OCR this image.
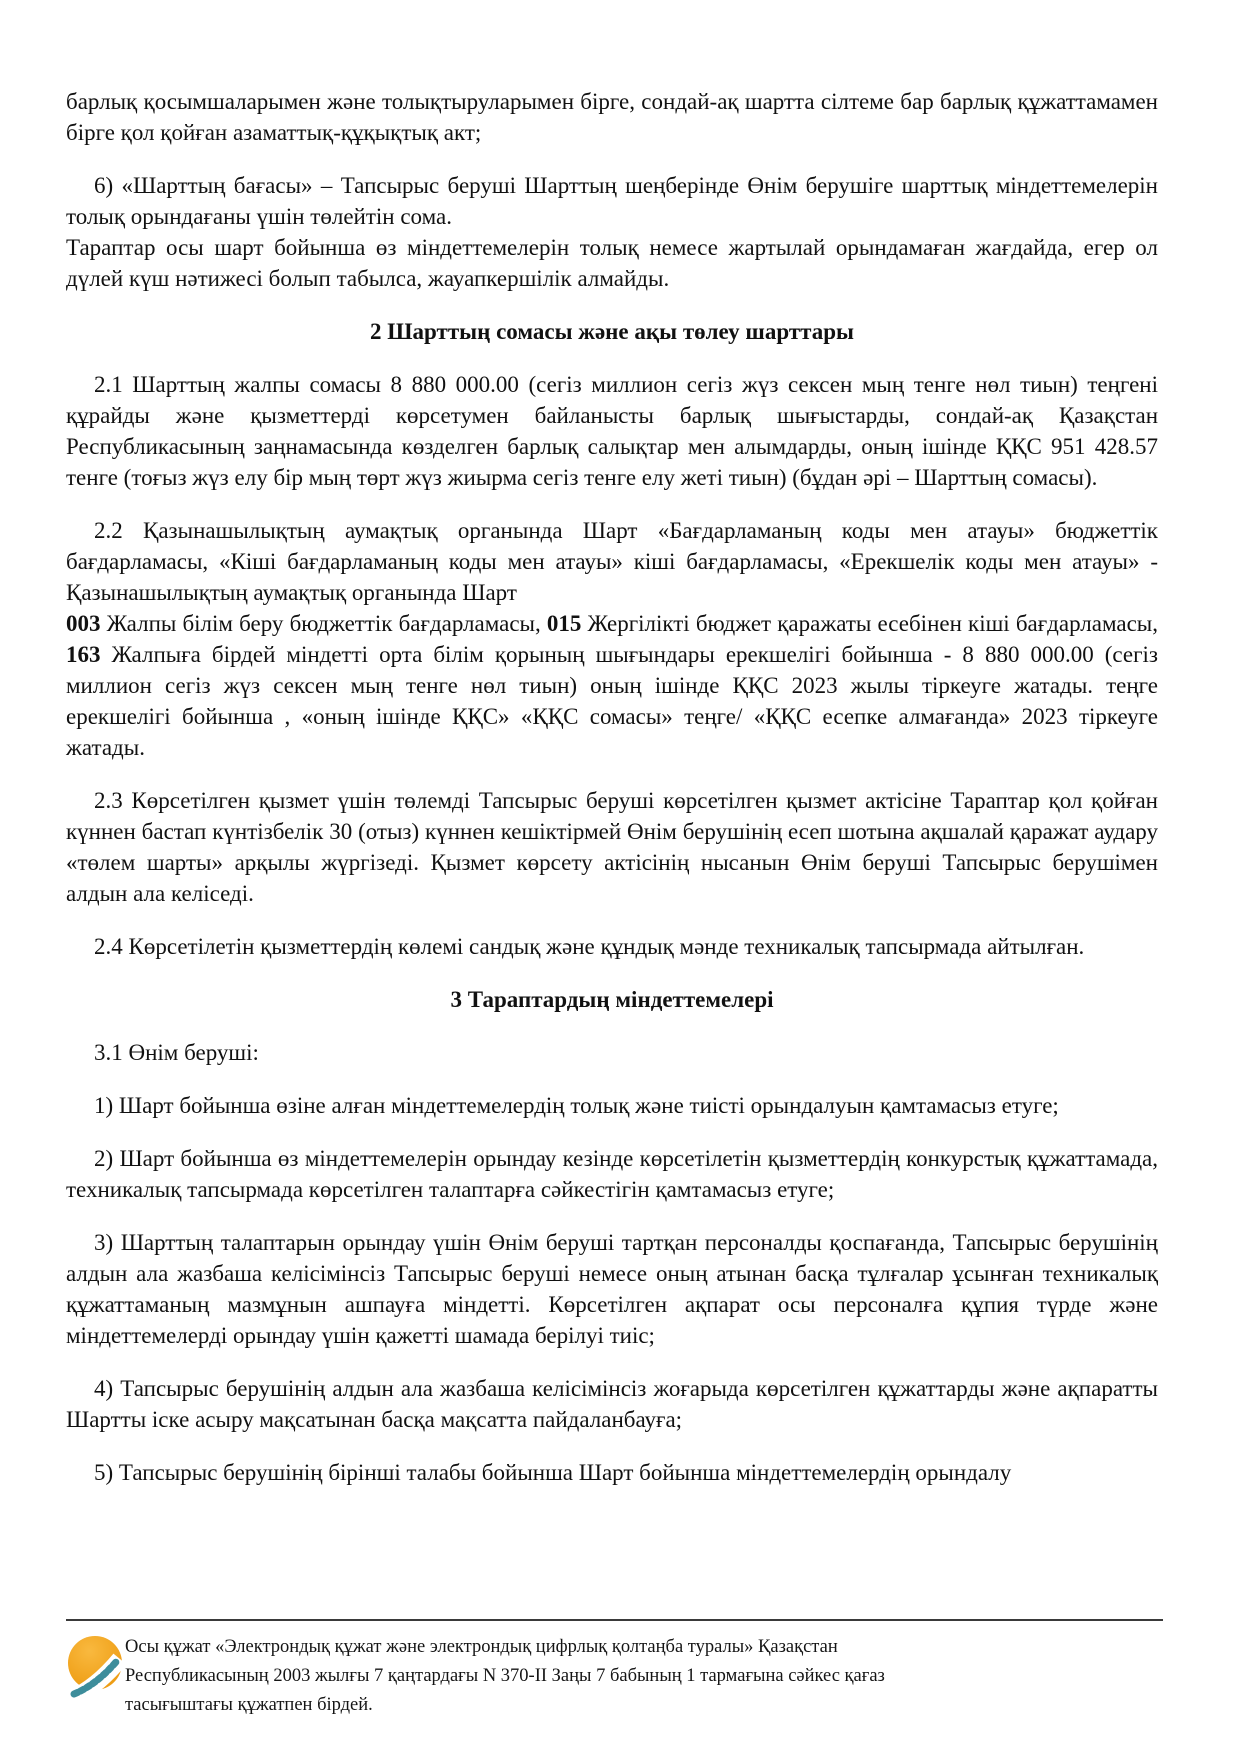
барлық қосымшаларымен және толықтыруларымен бірге, сондай-ақ шартта сілтеме бар барлық құжаттамамен бірге қол қойған азаматтық-құқықтық акт;

6) «Шарттың бағасы» – Тапсырыс беруші Шарттың шеңберінде Өнім берушіге шарттық міндеттемелерін толық орындағаны үшін төлейтін сома.

Тараптар осы шарт бойынша өз міндеттемелерін толық немесе жартылай орындамаған жағдайда, егер ол дүлей күш нәтижесі болып табылса, жауапкершілік алмайды.

2 Шарттың сомасы және ақы төлеу шарттары

2.1 Шарттың жалпы сомасы 8 880 000.00 (сегіз миллион сегіз жүз сексен мың тенге нөл тиын) теңгені құрайды және қызметтерді көрсетумен байланысты барлық шығыстарды, сондай-ақ Қазақстан Республикасының заңнамасында көзделген барлық салықтар мен алымдарды, оның ішінде ҚҚС 951 428.57 тенге (тоғыз жүз елу бір мың төрт жүз жиырма сегіз тенге елу жеті тиын) (бұдан әрі – Шарттың сомасы).

2.2 Қазынашылықтың аумақтық органында Шарт «Бағдарламаның коды мен атауы» бюджеттік бағдарламасы, «Кіші бағдарламаның коды мен атауы» кіші бағдарламасы, «Ерекшелік коды мен атауы» - Қазынашылықтың аумақтық органында Шарт

003 Жалпы білім беру бюджеттік бағдарламасы, 015 Жергілікті бюджет қаражаты есебінен кіші бағдарламасы, 163 Жалпыға бірдей міндетті орта білім қорының шығындары ерекшелігі бойынша - 8 880 000.00 (сегіз миллион сегіз жүз сексен мың тенге нөл тиын) оның ішінде ҚҚС 2023 жылы тіркеуге жатады. теңге ерекшелігі бойынша , «оның ішінде ҚҚС» «ҚҚС сомасы» теңге/ «ҚҚС есепке алмағанда» 2023 тіркеуге жатады.

2.3 Көрсетілген қызмет үшін төлемді Тапсырыс беруші көрсетілген қызмет актісіне Тараптар қол қойған күннен бастап күнтізбелік 30 (отыз) күннен кешіктірмей Өнім берушінің есеп шотына ақшалай қаражат аудару «төлем шарты» арқылы жүргізеді. Қызмет көрсету актісінің нысанын Өнім беруші Тапсырыс берушімен алдын ала келіседі.

2.4 Көрсетілетін қызметтердің көлемі сандық және құндық мәнде техникалық тапсырмада айтылған.

3 Тараптардың міндеттемелері

3.1 Өнім беруші:

1) Шарт бойынша өзіне алған міндеттемелердің толық және тиісті орындалуын қамтамасыз етуге;

2) Шарт бойынша өз міндеттемелерін орындау кезінде көрсетілетін қызметтердің конкурстық құжаттамада, техникалық тапсырмада көрсетілген талаптарға сәйкестігін қамтамасыз етуге;

3) Шарттың талаптарын орындау үшін Өнім беруші тартқан персоналды қоспағанда, Тапсырыс берушінің алдын ала жазбаша келісімінсіз Тапсырыс беруші немесе оның атынан басқа тұлғалар ұсынған техникалық құжаттаманың мазмұнын ашпауға міндетті. Көрсетілген ақпарат осы персоналға құпия түрде және міндеттемелерді орындау үшін қажетті шамада берілуі тиіс;

4) Тапсырыс берушінің алдын ала жазбаша келісімінсіз жоғарыда көрсетілген құжаттарды және ақпаратты Шартты іске асыру мақсатынан басқа мақсатта пайдаланбауға;

5) Тапсырыс берушінің бірінші талабы бойынша Шарт бойынша міндеттемелердің орындалу

Осы құжат «Электрондық құжат және электрондық цифрлық қолтаңба туралы» Қазақстан
Республикасының 2003 жылғы 7 қаңтардағы N 370-II Заңы 7 бабының 1 тармағына сәйкес қағаз
тасығыштағы құжатпен бірдей.
